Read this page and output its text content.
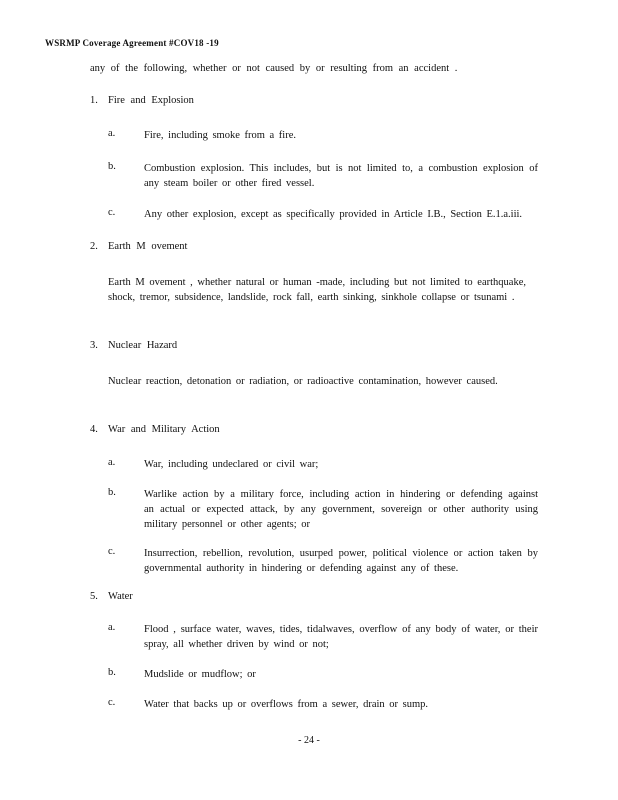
WSRMP Coverage Agreement #COV18 -19
any of the following, whether or not caused by or resulting from an accident .
1. Fire and Explosion
a.	Fire, including smoke from a fire.
b.	Combustion explosion. This includes, but is not limited to, a combustion explosion of any steam boiler or other fired vessel.
c.	Any other explosion, except as specifically provided in Article I.B., Section E.1.a.iii.
2. Earth M ovement
Earth M ovement , whether natural or human -made, including but not limited to earthquake, shock, tremor, subsidence, landslide, rock fall, earth sinking, sinkhole collapse or tsunami .
3. Nuclear Hazard
Nuclear reaction, detonation or radiation, or radioactive contamination, however caused.
4. War and Military Action
a.	War, including undeclared or civil war;
b.	Warlike action by a military force, including action in hindering or defending against an actual or expected attack, by any government, sovereign or other authority using military personnel or other agents; or
c.	Insurrection, rebellion, revolution, usurped power, political violence or action taken by governmental authority in hindering or defending against any of these.
5. Water
a.	Flood , surface water, waves, tides, tidalwaves, overflow of any body of water, or their spray, all whether driven by wind or not;
b.	Mudslide or mudflow; or
c.	Water that backs up or overflows from a sewer, drain or sump.
- 24 -
